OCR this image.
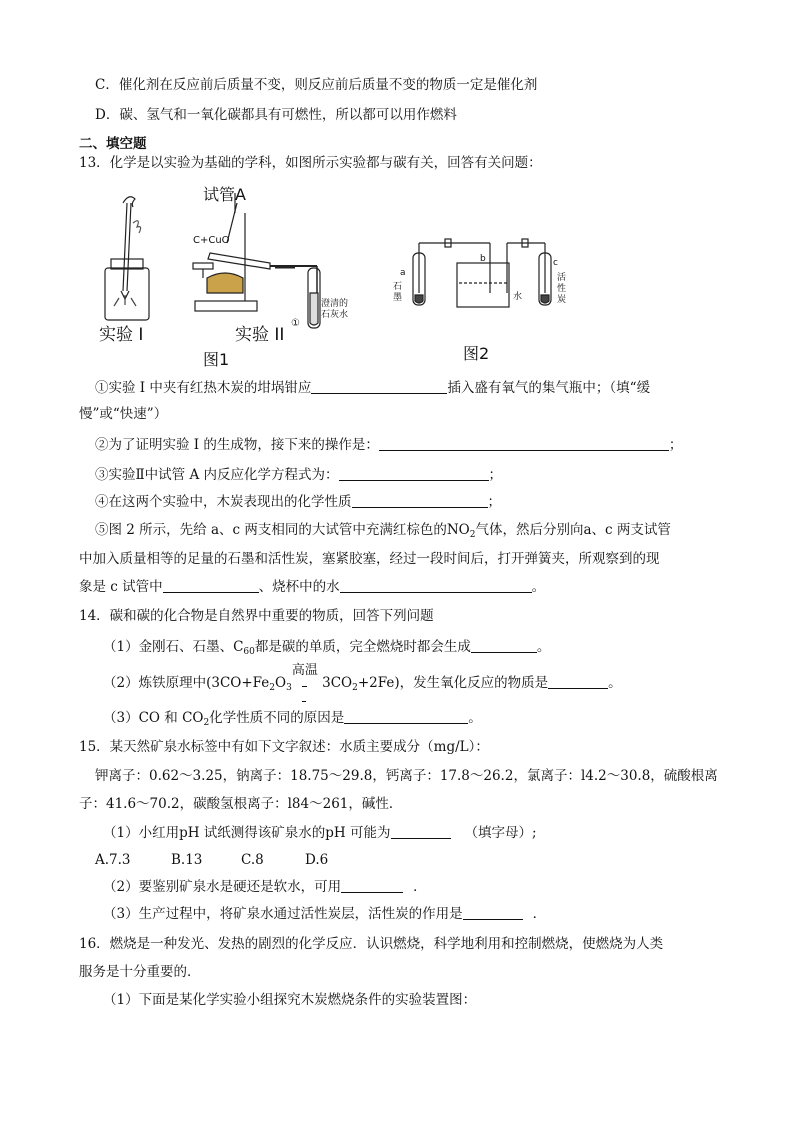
C．催化剂在反应前后质量不变，则反应前后质量不变的物质一定是催化剂
D．碳、氢气和一氧化碳都具有可燃性，所以都可以用作燃料
二、填空题
13．化学是以实验为基础的学科，如图所示实验都与碳有关，回答有关问题：
实验 I
试管A
C+CuO
①
澄清的
石灰水
实验 II
图1
a
b	c
石
墨	水
活
性
炭
图2
①实验 I 中夹有红热木炭的坩埚钳应	插入盛有氧气的集气瓶中；（填“缓
慢”或“快速”）
②为了证明实验 I 的生成物，接下来的操作是：	；
③实验Ⅱ中试管 A 内反应化学方程式为：	；
④在这两个实验中，木炭表现出的化学性质	；
⑤图 2 所示，先给 a、c 两支相同的大试管中充满红棕色的$NO_2$气体，然后分别向a、c 两支试管
中加入质量相等的足量的石墨和活性炭，塞紧胶塞，经过一段时间后，打开弹簧夹，所观察到的现
象是 c 试管中	、烧杯中的水	。
14．碳和碳的化合物是自然界中重要的物质，回答下列问题
（1）金刚石、石墨、$C_{60}$都是碳的单质，完全燃烧时都会生成	。
（2）炼铁原理中($3CO+Fe_2O_3$
高温
$3CO_2+2Fe$)，发生氧化反应的物质是	。
（3）CO 和 $CO_2$化学性质不同的原因是	。
15．某天然矿泉水标签中有如下文字叙述：水质主要成分（mg/L）：
钾离子：0.62～3.25，钠离子：18.75～29.8，钙离子：17.8～26.2，氯离子：l4.2～30.8，硫酸根离
子：41.6～70.2，碳酸氢根离子：l84～261，碱性．
（1）小红用pH 试纸测得该矿泉水的pH 可能为	（填字母）;
A.7.3	B.13	C.8	D.6
（2）要鉴别矿泉水是硬还是软水，可用	．
（3）生产过程中，将矿泉水通过活性炭层，活性炭的作用是	．
16．燃烧是一种发光、发热的剧烈的化学反应．认识燃烧，科学地利用和控制燃烧，使燃烧为人类
服务是十分重要的．
（1）下面是某化学实验小组探究木炭燃烧条件的实验装置图：
